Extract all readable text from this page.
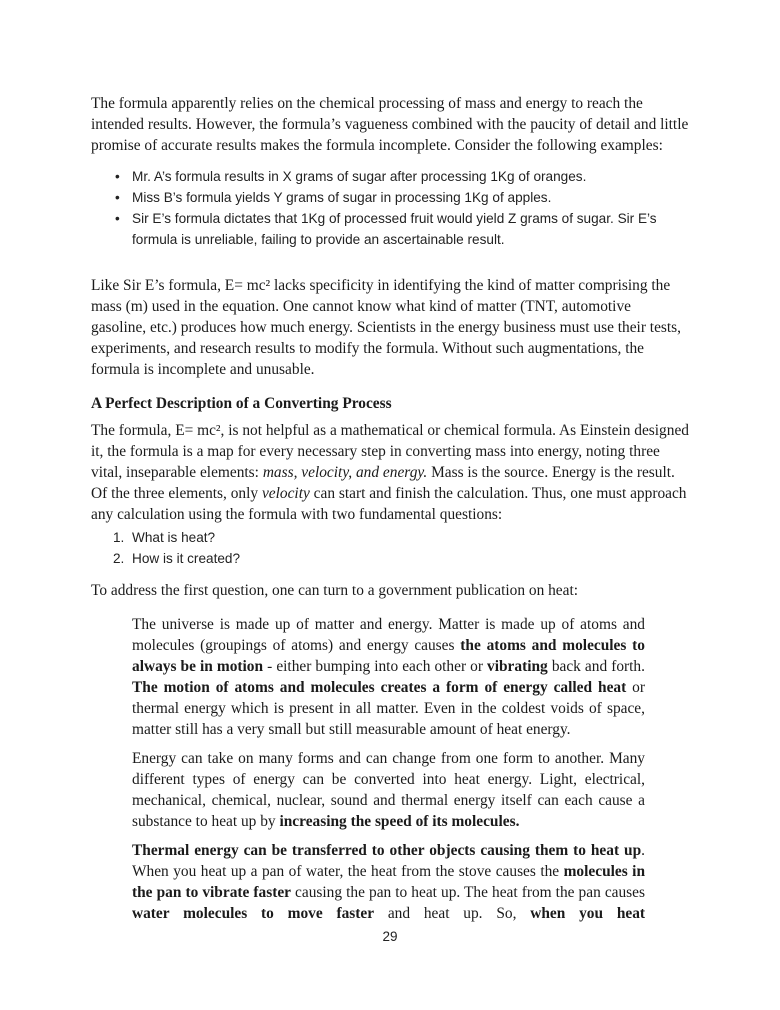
The formula apparently relies on the chemical processing of mass and energy to reach the intended results. However, the formula’s vagueness combined with the paucity of detail and little promise of accurate results makes the formula incomplete. Consider the following examples:

• Mr. A’s formula results in X grams of sugar after processing 1Kg of oranges.
• Miss B’s formula yields Y grams of sugar in processing 1Kg of apples.
• Sir E’s formula dictates that 1Kg of processed fruit would yield Z grams of sugar. Sir E’s formula is unreliable, failing to provide an ascertainable result.

Like Sir E’s formula, E= mc² lacks specificity in identifying the kind of matter comprising the mass (m) used in the equation. One cannot know what kind of matter (TNT, automotive gasoline, etc.) produces how much energy. Scientists in the energy business must use their tests, experiments, and research results to modify the formula. Without such augmentations, the formula is incomplete and unusable.

A Perfect Description of a Converting Process

The formula, E= mc², is not helpful as a mathematical or chemical formula. As Einstein designed it, the formula is a map for every necessary step in converting mass into energy, noting three vital, inseparable elements: mass, velocity, and energy. Mass is the source. Energy is the result. Of the three elements, only velocity can start and finish the calculation. Thus, one must approach any calculation using the formula with two fundamental questions:

1. What is heat?
2. How is it created?

To address the first question, one can turn to a government publication on heat:

The universe is made up of matter and energy. Matter is made up of atoms and molecules (groupings of atoms) and energy causes the atoms and molecules to always be in motion - either bumping into each other or vibrating back and forth. The motion of atoms and molecules creates a form of energy called heat or thermal energy which is present in all matter. Even in the coldest voids of space, matter still has a very small but still measurable amount of heat energy.

Energy can take on many forms and can change from one form to another. Many different types of energy can be converted into heat energy. Light, electrical, mechanical, chemical, nuclear, sound and thermal energy itself can each cause a substance to heat up by increasing the speed of its molecules.

Thermal energy can be transferred to other objects causing them to heat up. When you heat up a pan of water, the heat from the stove causes the molecules in the pan to vibrate faster causing the pan to heat up. The heat from the pan causes water molecules to move faster and heat up. So, when you heat

29
